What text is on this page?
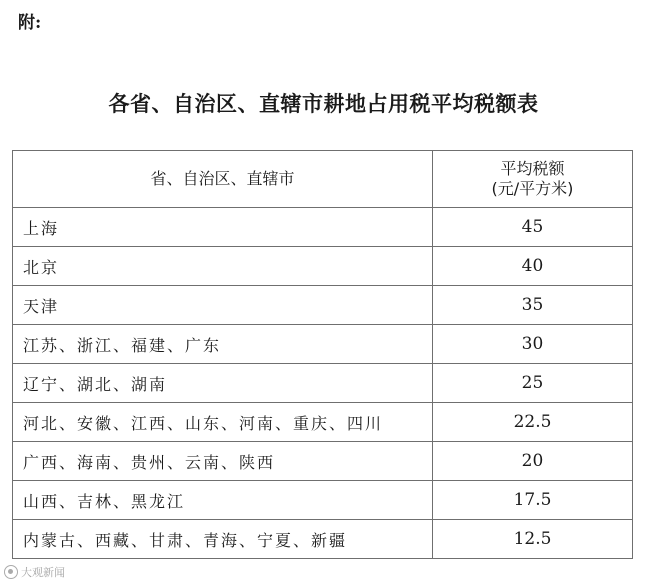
附:
各省、自治区、直辖市耕地占用税平均税额表
省、自治区、直辖市	平均税额
(元/平方米)

上海	45
北京	40
天津	35
江苏、浙江、福建、广东	30
辽宁、湖北、湖南	25
河北、安徽、江西、山东、河南、重庆、四川	22.5
广西、海南、贵州、云南、陕西	20
山西、吉林、黑龙江	17.5
内蒙古、西藏、甘肃、青海、宁夏、新疆	12.5
大观新闻
